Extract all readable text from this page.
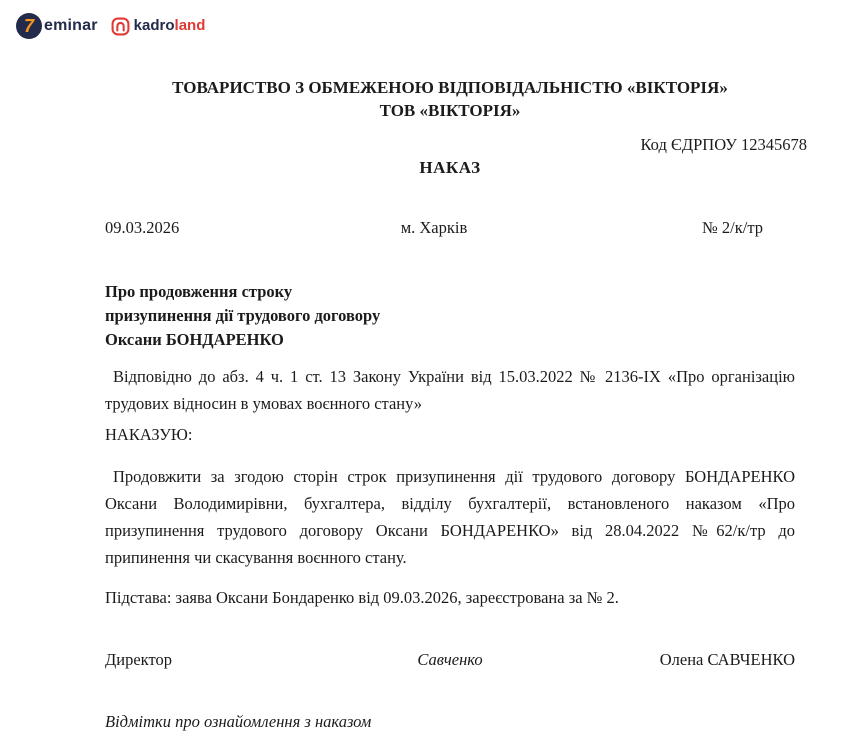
7 eminar kadroland
ТОВАРИСТВО З ОБМЕЖЕНОЮ ВІДПОВІДАЛЬНІСТЮ «ВІКТОРІЯ»
ТОВ «ВІКТОРІЯ»
Код ЄДРПОУ 12345678
НАКАЗ
09.03.2026	м. Харків	№ 2/к/тр
Про продовження строку
призупинення дії трудового договору
Оксани БОНДАРЕНКО

Відповідно до абз. 4 ч. 1 ст. 13 Закону України від 15.03.2022 № 2136-IX «Про організацію трудових відносин в умовах воєнного стану»

НАКАЗУЮ:

Продовжити за згодою сторін строк призупинення дії трудового договору БОНДАРЕНКО Оксани Володимирівни, бухгалтера, відділу бухгалтерії, встановленого наказом «Про призупинення трудового договору Оксани БОНДАРЕНКО» від 28.04.2022 №62/к/тр до припинення чи скасування воєнного стану.

Підстава: заява Оксани Бондаренко від 09.03.2026, зареєстрована за № 2.

Директор	Савченко	Олена САВЧЕНКО
Відмітки про ознайомлення з наказом
